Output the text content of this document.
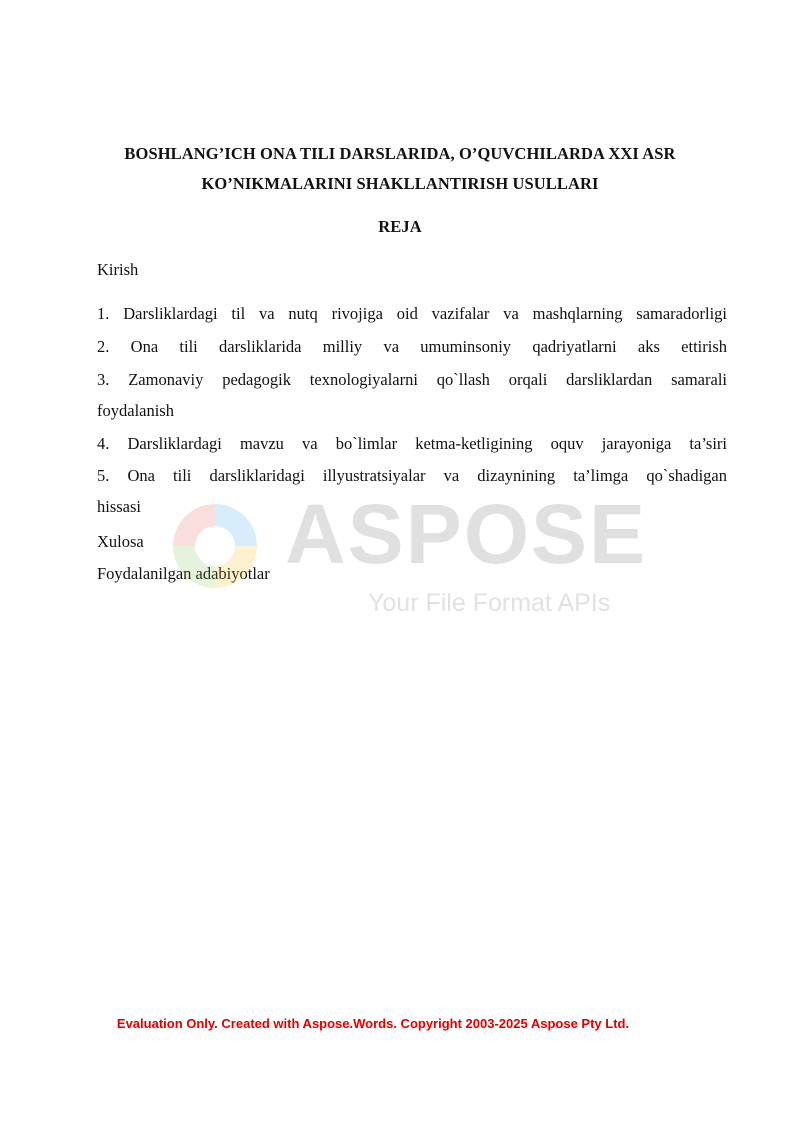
BOSHLANG’ICH ONA TILI DARSLARIDA, O’QUVCHILARDA XXI ASR
KO’NIKMALARINI SHAKLLANTIRISH USULLARI
REJA
Kirish
1. Darsliklardagi til va nutq rivojiga oid vazifalar va mashqlarning samaradorligi
2. Ona tili darsliklarida milliy va umuminsoniy qadriyatlarni aks ettirish
3. Zamonaviy pedagogik texnologiyalarni qo`llash orqali darsliklardan samarali
foydalanish
4. Darsliklardagi mavzu va bo`limlar ketma-ketligining oquv jarayoniga ta’siri
5. Ona tili darsliklaridagi illyustratsiyalar va dizaynining ta’limga qo`shadigan
hissasi
Xulosa
Foydalanilgan adabiyotlar ASPOSE
Your File Format APIs
Evaluation Only. Created with Aspose.Words. Copyright 2003-2025 Aspose Pty Ltd.
